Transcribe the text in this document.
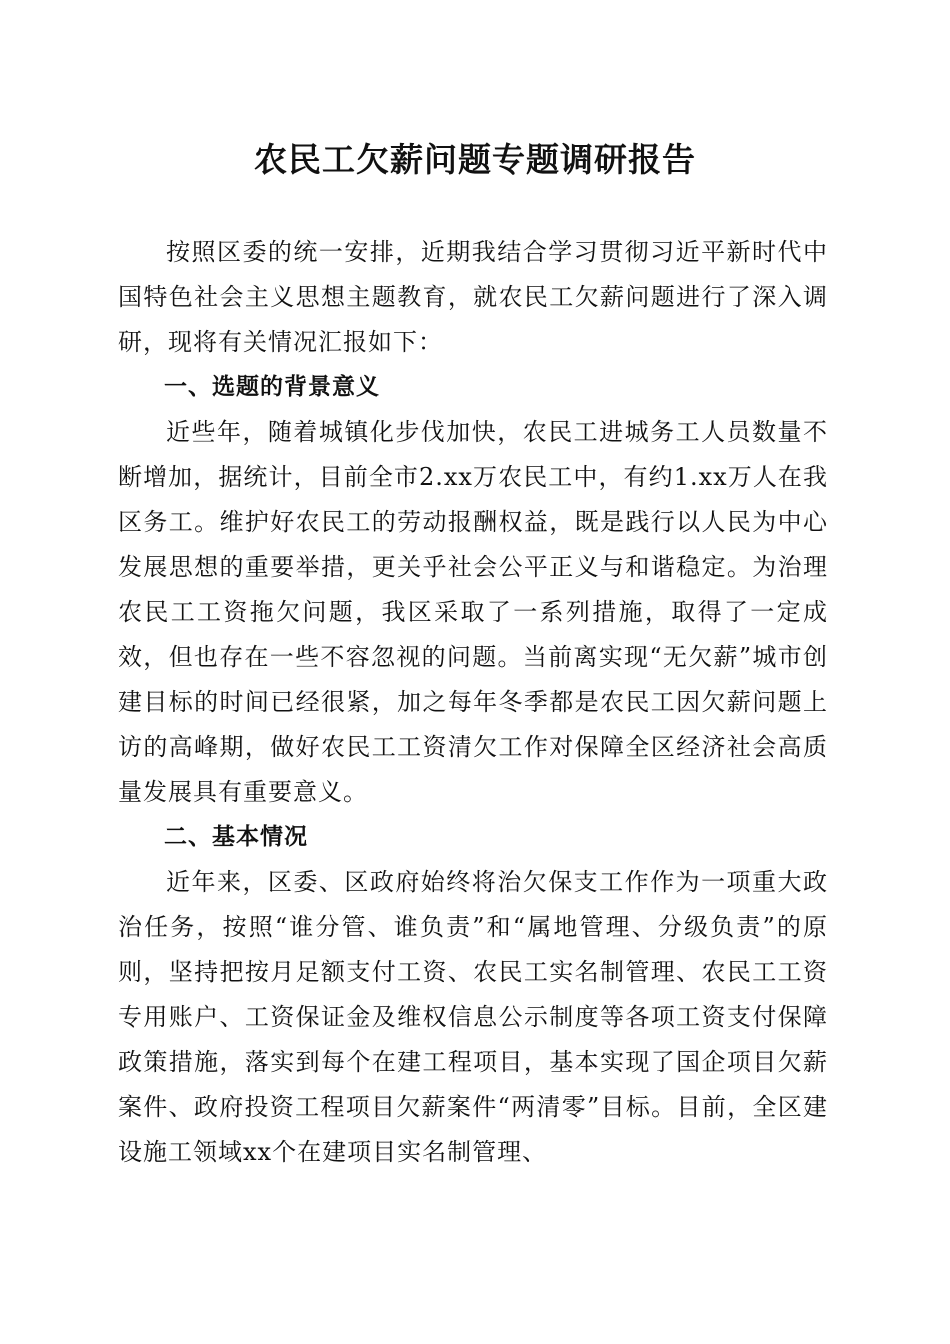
农民工欠薪问题专题调研报告

按照区委的统一安排，近期我结合学习贯彻习近平新时代中国特色社会主义思想主题教育，就农民工欠薪问题进行了深入调研，现将有关情况汇报如下：

一、选题的背景意义

近些年，随着城镇化步伐加快，农民工进城务工人员数量不断增加，据统计，目前全市2.xx万农民工中，有约1.xx万人在我区务工。维护好农民工的劳动报酬权益，既是践行以人民为中心发展思想的重要举措，更关乎社会公平正义与和谐稳定。为治理农民工工资拖欠问题，我区采取了一系列措施，取得了一定成效，但也存在一些不容忽视的问题。当前离实现“无欠薪”城市创建目标的时间已经很紧，加之每年冬季都是农民工因欠薪问题上访的高峰期，做好农民工工资清欠工作对保障全区经济社会高质量发展具有重要意义。

二、基本情况

近年来，区委、区政府始终将治欠保支工作作为一项重大政治任务，按照“谁分管、谁负责”和“属地管理、分级负责”的原则，坚持把按月足额支付工资、农民工实名制管理、农民工工资专用账户、工资保证金及维权信息公示制度等各项工资支付保障政策措施，落实到每个在建工程项目，基本实现了国企项目欠薪案件、政府投资工程项目欠薪案件“两清零”目标。目前，全区建设施工领域xx个在建项目实名制管理、
